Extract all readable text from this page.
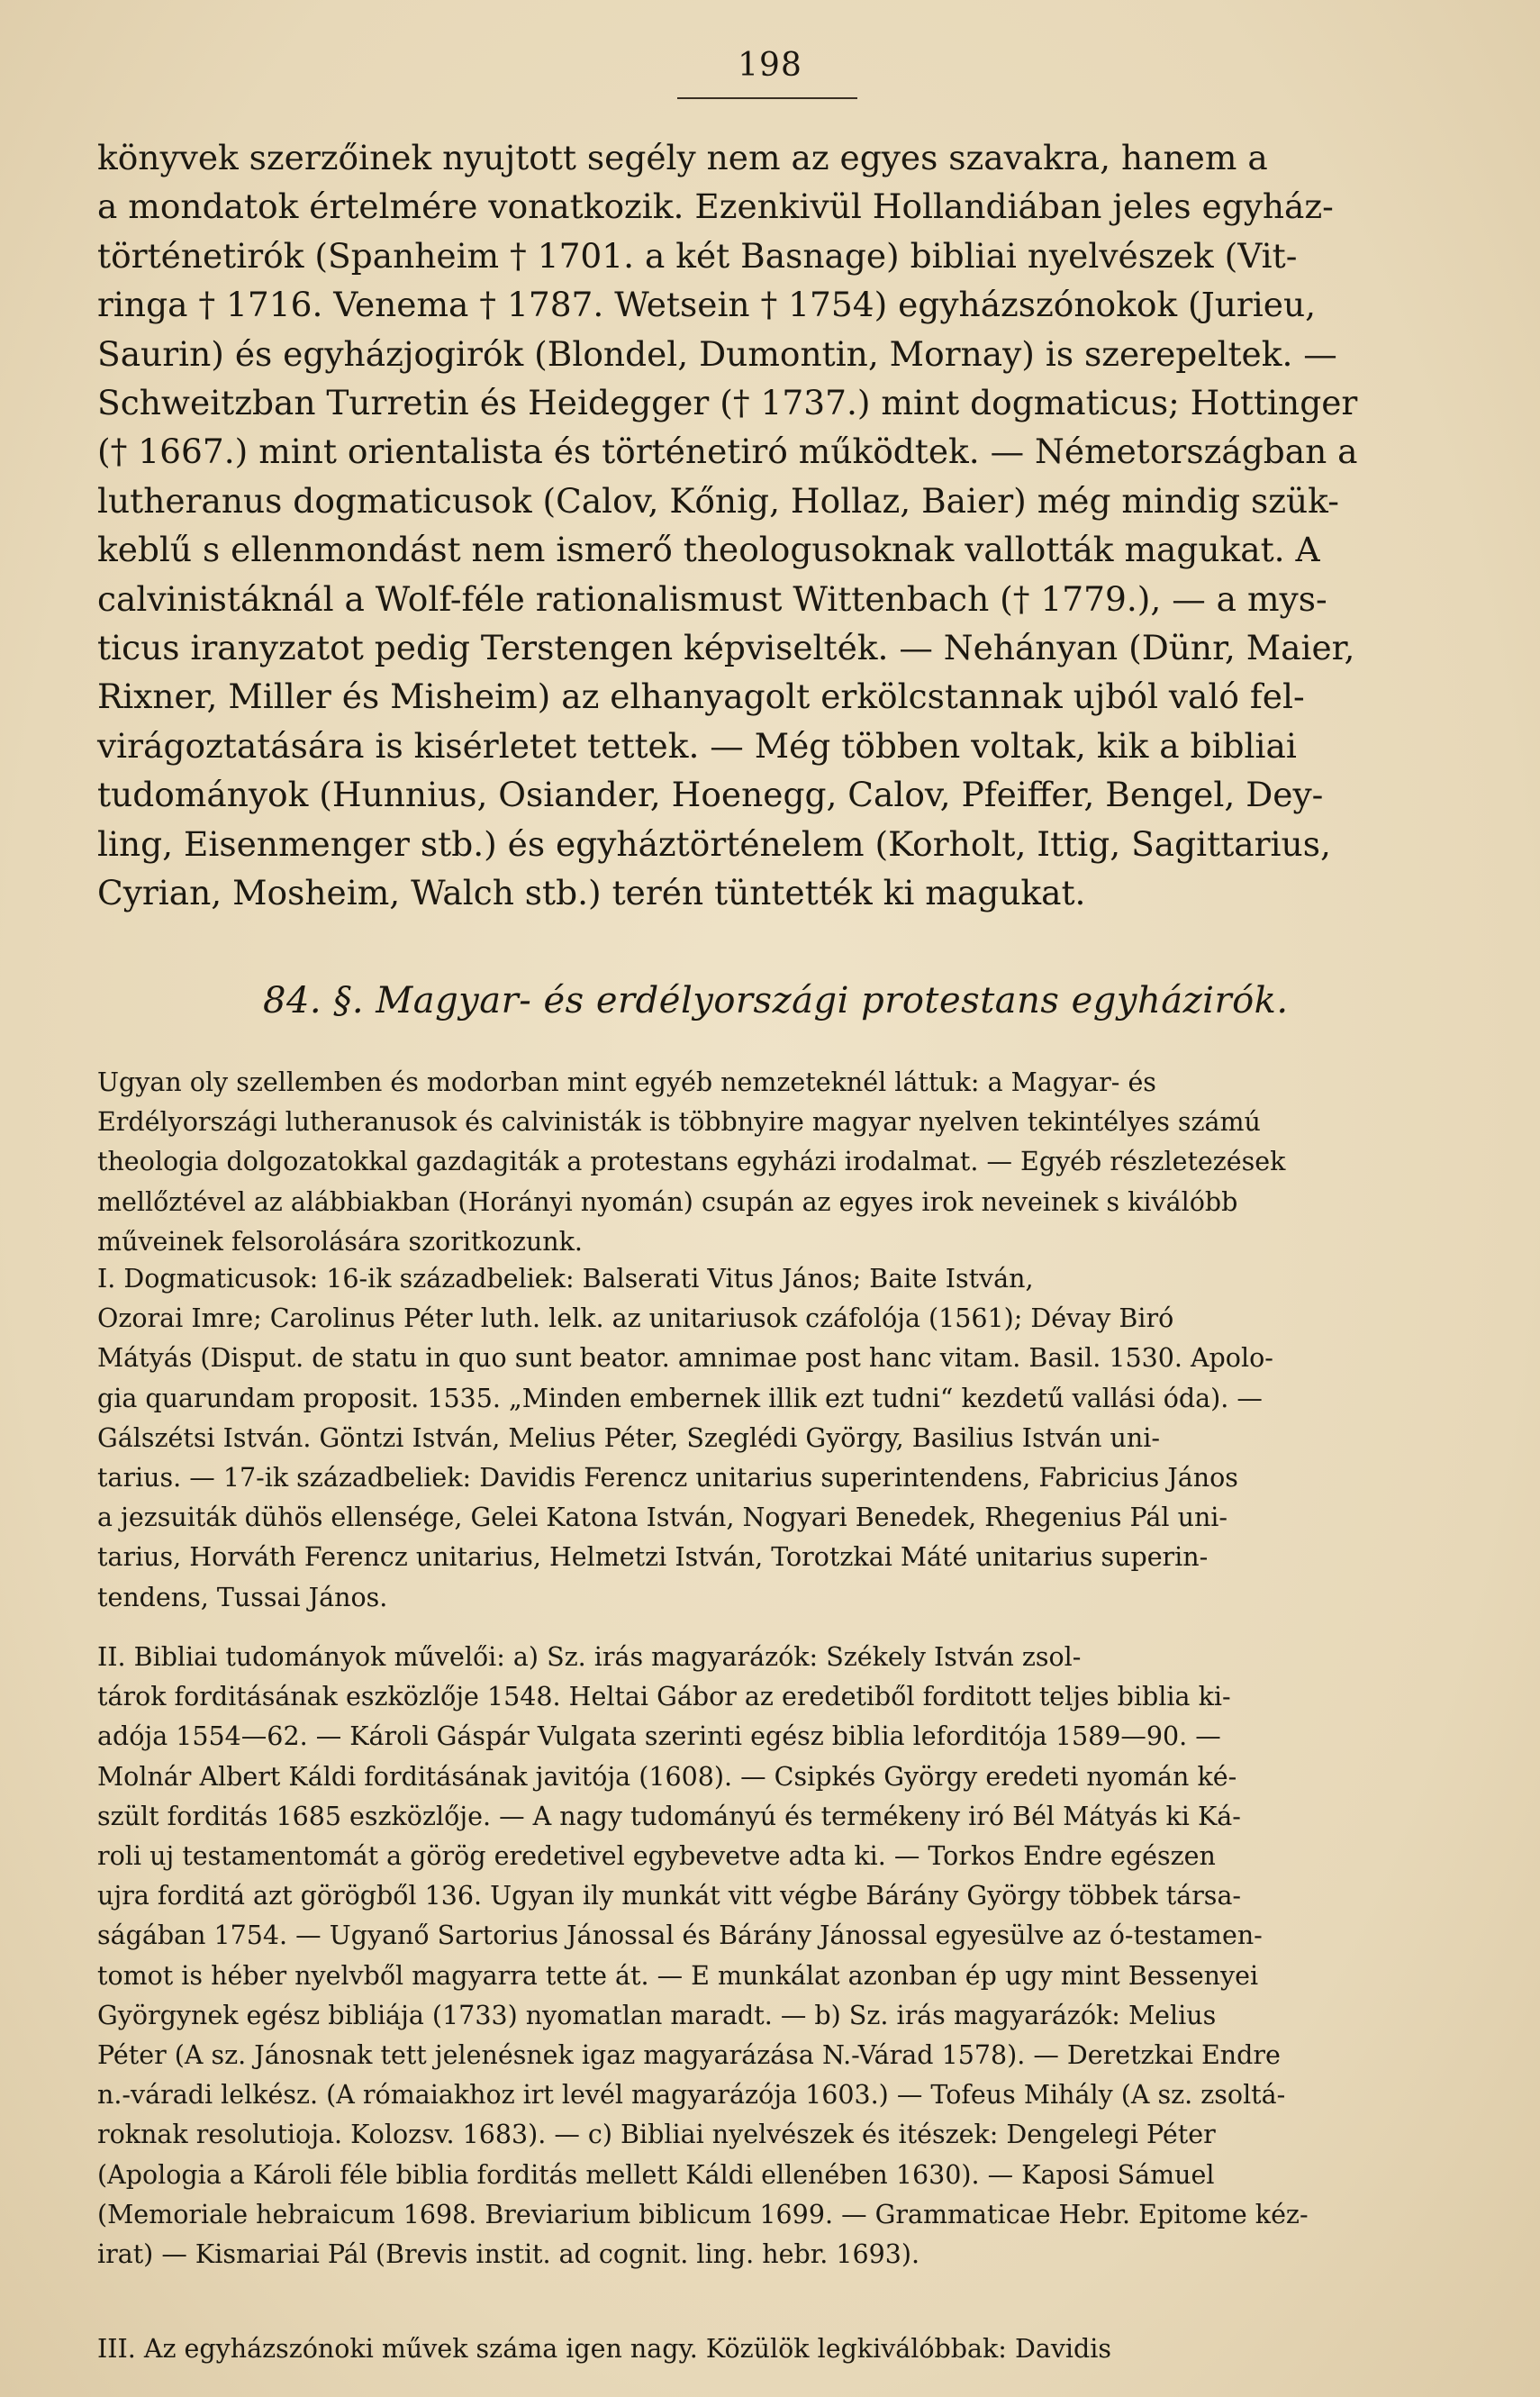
198
könyvek szerzőinek nyujtott segély nem az egyes szavakra, hanem a
a mondatok értelmére vonatkozik. Ezenkivül Hollandiában jeles egyház-
történetirók (Spanheim † 1701. a két Basnage) bibliai nyelvészek (Vit-
ringa † 1716. Venema † 1787. Wetsein † 1754) egyházszónokok (Jurieu,
Saurin) és egyházjogirók (Blondel, Dumontin, Mornay) is szerepeltek. —
Schweitzban Turretin és Heidegger († 1737.) mint dogmaticus; Hottinger
(† 1667.) mint orientalista és történetiró működtek. — Németországban a
lutheranus dogmaticusok (Calov, Kőnig, Hollaz, Baier) még mindig szük-
keblű s ellenmondást nem ismerő theologusoknak vallották magukat. A
calvinistáknál a Wolf-féle rationalismust Wittenbach († 1779.), — a mys-
ticus iranyzatot pedig Terstengen képviselték. — Nehányan (Dünr, Maier,
Rixner, Miller és Misheim) az elhanyagolt erkölcstannak ujból való fel-
virágoztatására is kisérletet tettek. — Még többen voltak, kik a bibliai
tudományok (Hunnius, Osiander, Hoenegg, Calov, Pfeiffer, Bengel, Dey-
ling, Eisenmenger stb.) és egyháztörténelem (Korholt, Ittig, Sagittarius,
Cyrian, Mosheim, Walch stb.) terén tüntették ki magukat.
84. §. Magyar- és erdélyországi protestans egyházirók.
Ugyan oly szellemben és modorban mint egyéb nemzeteknél láttuk: a Magyar- és
Erdélyországi lutheranusok és calvinisták is többnyire magyar nyelven tekintélyes számú
theologia dolgozatokkal gazdagiták a protestans egyházi irodalmat. — Egyéb részletezések
mellőztével az alábbiakban (Horányi nyomán) csupán az egyes irok neveinek s kiválóbb
műveinek felsorolására szoritkozunk.
I. Dogmaticusok: 16-ik századbeliek: Balserati Vitus János; Baite István,
Ozorai Imre; Carolinus Péter luth. lelk. az unitariusok czáfolója (1561); Dévay Biró
Mátyás (Disput. de statu in quo sunt beator. amnimae post hanc vitam. Basil. 1530. Apolo-
gia quarundam proposit. 1535. „Minden embernek illik ezt tudni“ kezdetű vallási óda). —
Gálszétsi István. Göntzi István, Melius Péter, Szeglédi György, Basilius István uni-
tarius. — 17-ik századbeliek: Davidis Ferencz unitarius superintendens, Fabricius János
a jezsuiták dühös ellensége, Gelei Katona István, Nogyari Benedek, Rhegenius Pál uni-
tarius, Horváth Ferencz unitarius, Helmetzi István, Torotzkai Máté unitarius superin-
tendens, Tussai János.
II. Bibliai tudományok művelői: a) Sz. irás magyarázók: Székely István zsol-
tárok forditásának eszközlője 1548. Heltai Gábor az eredetiből forditott teljes biblia ki-
adója 1554—62. — Károli Gáspár Vulgata szerinti egész biblia leforditója 1589—90. —
Molnár Albert Káldi forditásának javitója (1608). — Csipkés György eredeti nyomán ké-
szült forditás 1685 eszközlője. — A nagy tudományú és termékeny iró Bél Mátyás ki Ká-
roli uj testamentomát a görög eredetivel egybevetve adta ki. — Torkos Endre egészen
ujra forditá azt görögből 136. Ugyan ily munkát vitt végbe Bárány György többek társa-
ságában 1754. — Ugyanő Sartorius Jánossal és Bárány Jánossal egyesülve az ó-testamen-
tomot is héber nyelvből magyarra tette át. — E munkálat azonban ép ugy mint Bessenyei
Györgynek egész bibliája (1733) nyomatlan maradt. — b) Sz. irás magyarázók: Melius
Péter (A sz. Jánosnak tett jelenésnek igaz magyarázása N.-Várad 1578). — Deretzkai Endre
n.-váradi lelkész. (A rómaiakhoz irt levél magyarázója 1603.) — Tofeus Mihály (A sz. zsoltá-
roknak resolutioja. Kolozsv. 1683). — c) Bibliai nyelvészek és itészek: Dengelegi Péter
(Apologia a Károli féle biblia forditás mellett Káldi ellenében 1630). — Kaposi Sámuel
(Memoriale hebraicum 1698. Breviarium biblicum 1699. — Grammaticae Hebr. Epitome kéz-
irat) — Kismariai Pál (Brevis instit. ad cognit. ling. hebr. 1693).
III. Az egyházszónoki művek száma igen nagy. Közülök legkiválóbbak: Davidis
